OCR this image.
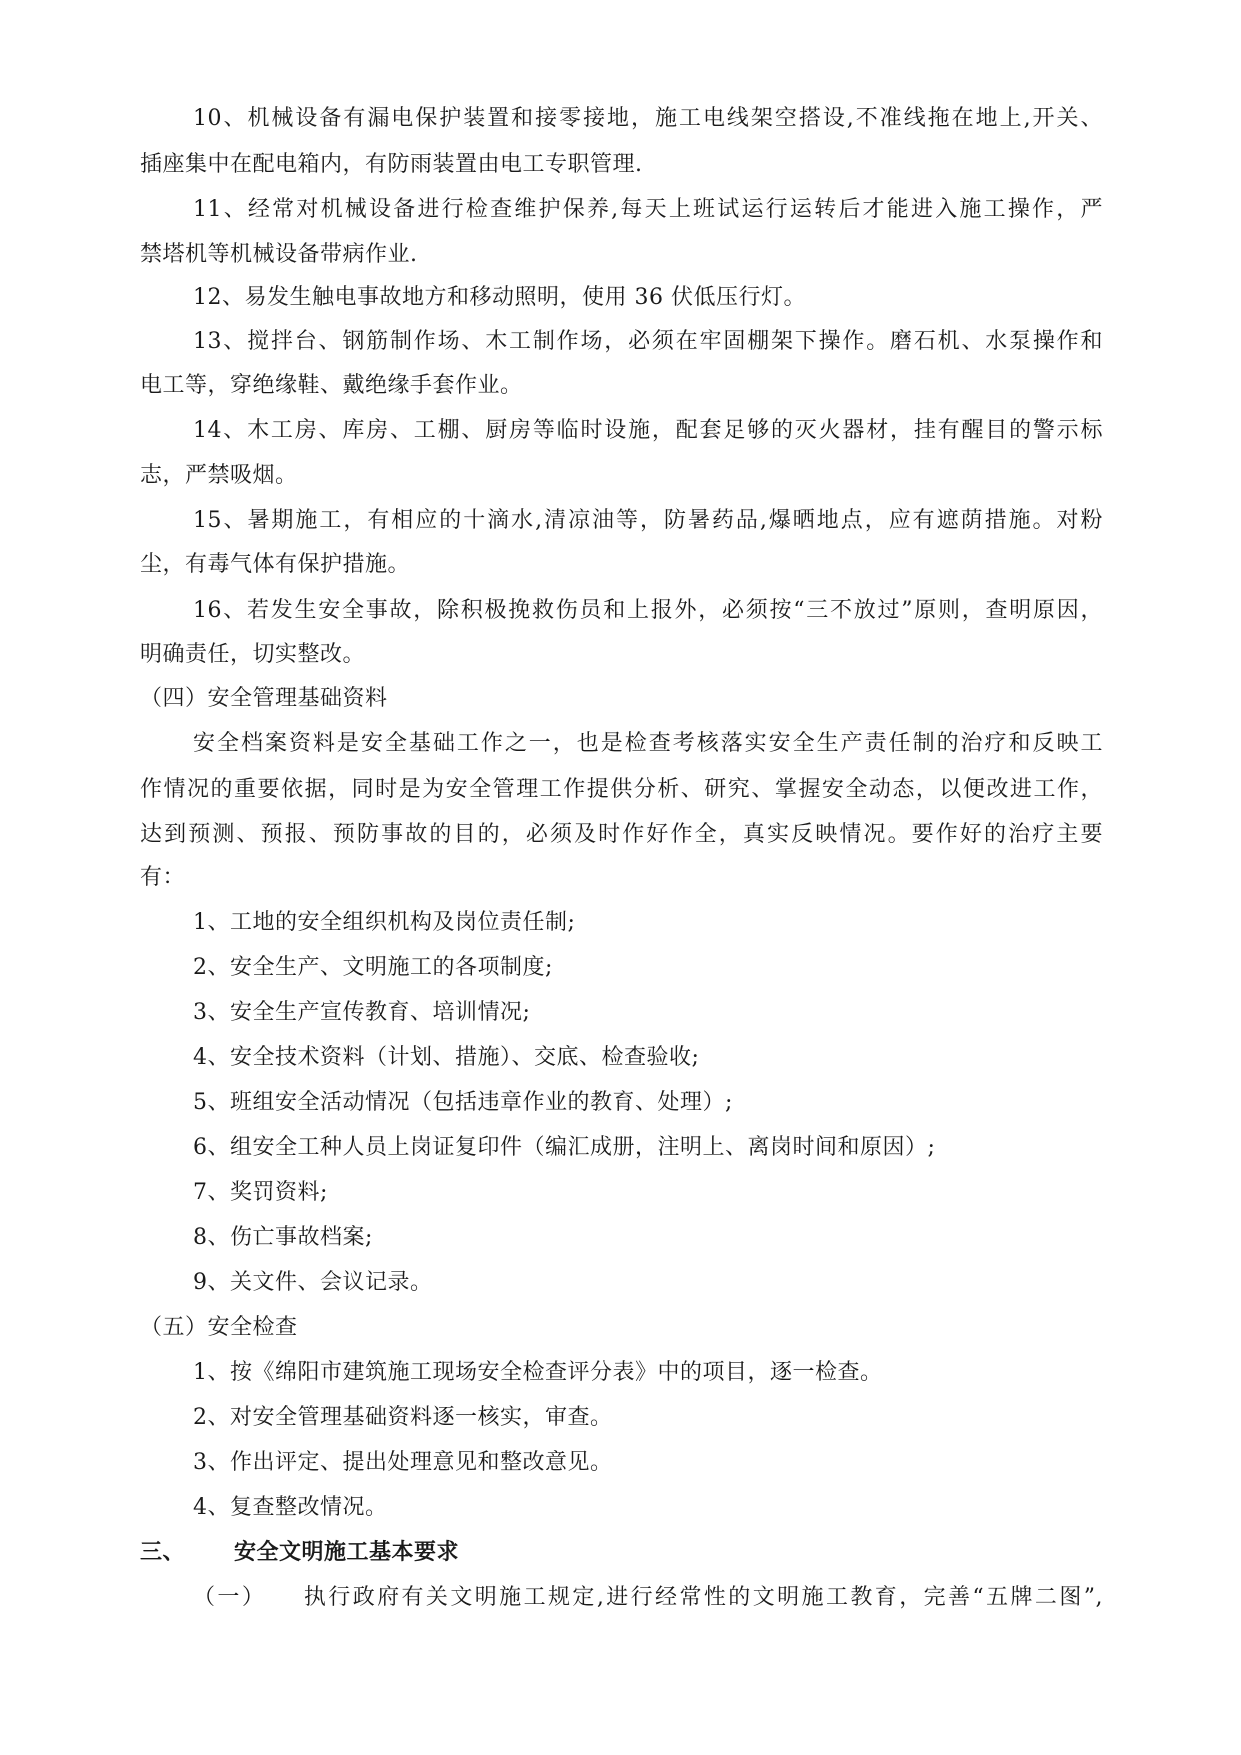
10、机械设备有漏电保护装置和接零接地，施工电线架空搭设,不准线拖在地上,开关、
插座集中在配电箱内，有防雨装置由电工专职管理.
11、经常对机械设备进行检查维护保养,每天上班试运行运转后才能进入施工操作，严
禁塔机等机械设备带病作业.
12、易发生触电事故地方和移动照明，使用 36 伏低压行灯。
13、搅拌台、钢筋制作场、木工制作场，必须在牢固棚架下操作。磨石机、水泵操作和
电工等，穿绝缘鞋、戴绝缘手套作业。
14、木工房、库房、工棚、厨房等临时设施，配套足够的灭火器材，挂有醒目的警示标
志，严禁吸烟。
15、暑期施工，有相应的十滴水,清凉油等，防暑药品,爆晒地点，应有遮荫措施。对粉
尘，有毒气体有保护措施。
16、若发生安全事故，除积极挽救伤员和上报外，必须按“三不放过”原则，查明原因，
明确责任，切实整改。
（四）安全管理基础资料
安全档案资料是安全基础工作之一，也是检查考核落实安全生产责任制的治疗和反映工
作情况的重要依据，同时是为安全管理工作提供分析、研究、掌握安全动态，以便改进工作，
达到预测、预报、预防事故的目的，必须及时作好作全，真实反映情况。要作好的治疗主要
有：
1、工地的安全组织机构及岗位责任制;
2、安全生产、文明施工的各项制度;
3、安全生产宣传教育、培训情况;
4、安全技术资料（计划、措施）、交底、检查验收;
5、班组安全活动情况（包括违章作业的教育、处理）;
6、组安全工种人员上岗证复印件（编汇成册，注明上、离岗时间和原因）;
7、奖罚资料;
8、伤亡事故档案;
9、关文件、会议记录。
（五）安全检查
1、按《绵阳市建筑施工现场安全检查评分表》中的项目，逐一检查。
2、对安全管理基础资料逐一核实，审查。
3、作出评定、提出处理意见和整改意见。
4、复查整改情况。
三、      安全文明施工基本要求
（一）    执行政府有关文明施工规定,进行经常性的文明施工教育，完善“五牌二图”,
